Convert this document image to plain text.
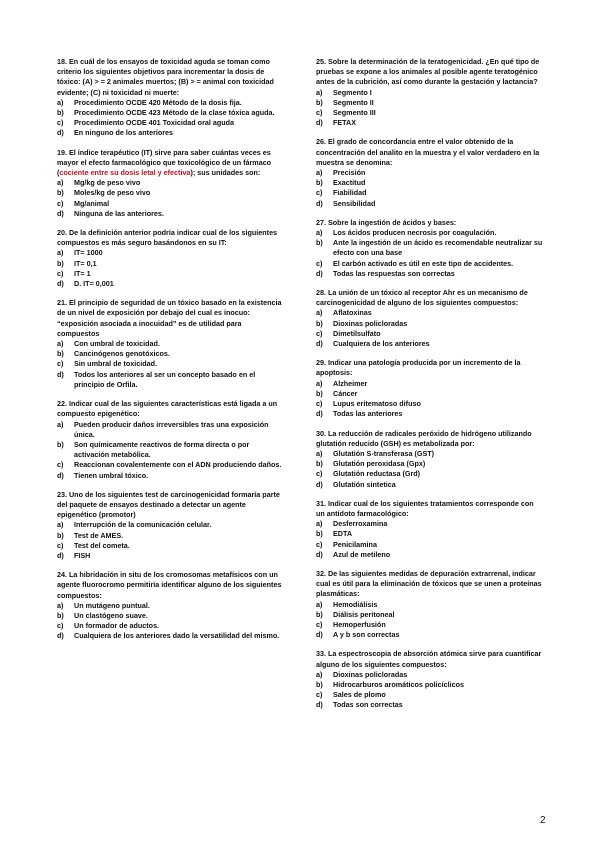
18. En cuál de los ensayos de toxicidad aguda se toman como criterio los siguientes objetivos para incrementar la dosis de tóxico: (A) > = 2 animales muertos; (B) > = animal con toxicidad evidente; (C) ni toxicidad ni muerte:
a)	Procedimiento OCDE 420 Método de la dosis fija.
b)	Procedimiento OCDE 423 Método de la clase tóxica aguda.
c)	Procedimiento OCDE 401 Toxicidad oral aguda
d)	En ninguno de los anteriores
19. El índice terapéutico (IT) sirve para saber cuántas veces es mayor el efecto farmacológico que toxicológico de un fármaco (cociente entre su dosis letal y efectiva); sus unidades son:
a)	Mg/kg de peso vivo
b)	Moles/kg de peso vivo
c)	Mg/animal
d)	Ninguna de las anteriores.
20. De la definición anterior podría indicar cual de los siguientes compuestos es más seguro basándonos en su IT:
a)	IT= 1000
b)	IT= 0,1
c)	IT= 1
d)	D. IT= 0,001
21. El principio de seguridad de un tóxico basado en la existencia de un nivel de exposición por debajo del cual es inocuo: “exposición asociada a inocuidad” es de utilidad para compuestos
a)	Con umbral de toxicidad.
b)	Cancinógenos genotóxicos.
c)	Sin umbral de toxicidad.
d)	Todos los anteriores al ser un concepto basado en el principio de Orfila.
22. Indicar cual de las siguientes características está ligada a un compuesto epigenético:
a)	Pueden producir daños irreversibles tras una exposición única.
b)	Son químicamente reactivos de forma directa o por activación metabólica.
c)	Reaccionan covalentemente con el ADN produciendo daños.
d)	Tienen umbral tóxico.
23. Uno de los siguientes test de carcinogenicidad formaría parte del paquete de ensayos destinado a detectar un agente epigenético (promotor)
a)	Interrupción de la comunicación celular.
b)	Test de AMES.
c)	Test del cometa.
d)	FISH
24. La hibridación in situ de los cromosomas metafísicos con un agente fluorocromo permitiría identificar alguno de los siguientes compuestos:
a)	Un mutágeno puntual.
b)	Un clastógeno suave.
c)	Un formador de aductos.
d)	Cualquiera de los anteriores dado la versatilidad del mismo.
25. Sobre la determinación de la teratogenicidad. ¿En qué tipo de pruebas se expone a los animales al posible agente teratogénico antes de la cubrición, así como durante la gestación y lactancia?
a)	Segmento I
b)	Segmento II
c)	Segmento III
d)	FETAX
26. El grado de concordancia entre el valor obtenido de la concentración del analito en la muestra y el valor verdadero en la muestra se denomina:
a)	Precisión
b)	Exactitud
c)	Fiabilidad
d)	Sensibilidad
27. Sobre la ingestión de ácidos y bases:
a)	Los ácidos producen necrosis por coagulación.
b)	Ante la ingestión de un ácido es recomendable neutralizar su efecto con una base
c)	El carbón activado es útil en este tipo de accidentes.
d)	Todas las respuestas son correctas
28. La unión de un tóxico al receptor Ahr es un mecanismo de carcinogenicidad de alguno de los siguientes compuestos:
a)	Aflatoxinas
b)	Dioxinas policloradas
c)	Dimetilsulfato
d)	Cualquiera de los anteriores
29. Indicar una patología producida por un incremento de la apoptosis:
a)	Alzheimer
b)	Cáncer
c)	Lupus eritematoso difuso
d)	Todas las anteriores
30. La reducción de radicales peróxido de hidrógeno utilizando glutatión reducido (GSH) es metabolizada por:
a)	Glutatión S-transferasa (GST)
b)	Glutatión peroxidasa (Gpx)
c)	Glutatión reductasa (Grd)
d)	Glutatión sintetica
31. Indicar cual de los siguientes tratamientos corresponde con un antídoto farmacológico:
a)	Desferroxamina
b)	EDTA
c)	Penicilamina
d)	Azul de metileno
32. De las siguientes medidas de depuración extrarrenal, indicar cual es útil para la eliminación de tóxicos que se unen a proteínas plasmáticas:
a)	Hemodiálisis
b)	Diálisis peritoneal
c)	Hemoperfusión
d)	A y b son correctas
33. La espectroscopia de absorción atómica sirve para cuantificar alguno de los siguientes compuestos:
a)	Dioxinas policloradas
b)	Hidrocarburos aromáticos policíclicos
c)	Sales de plomo
d)	Todas son correctas
2
